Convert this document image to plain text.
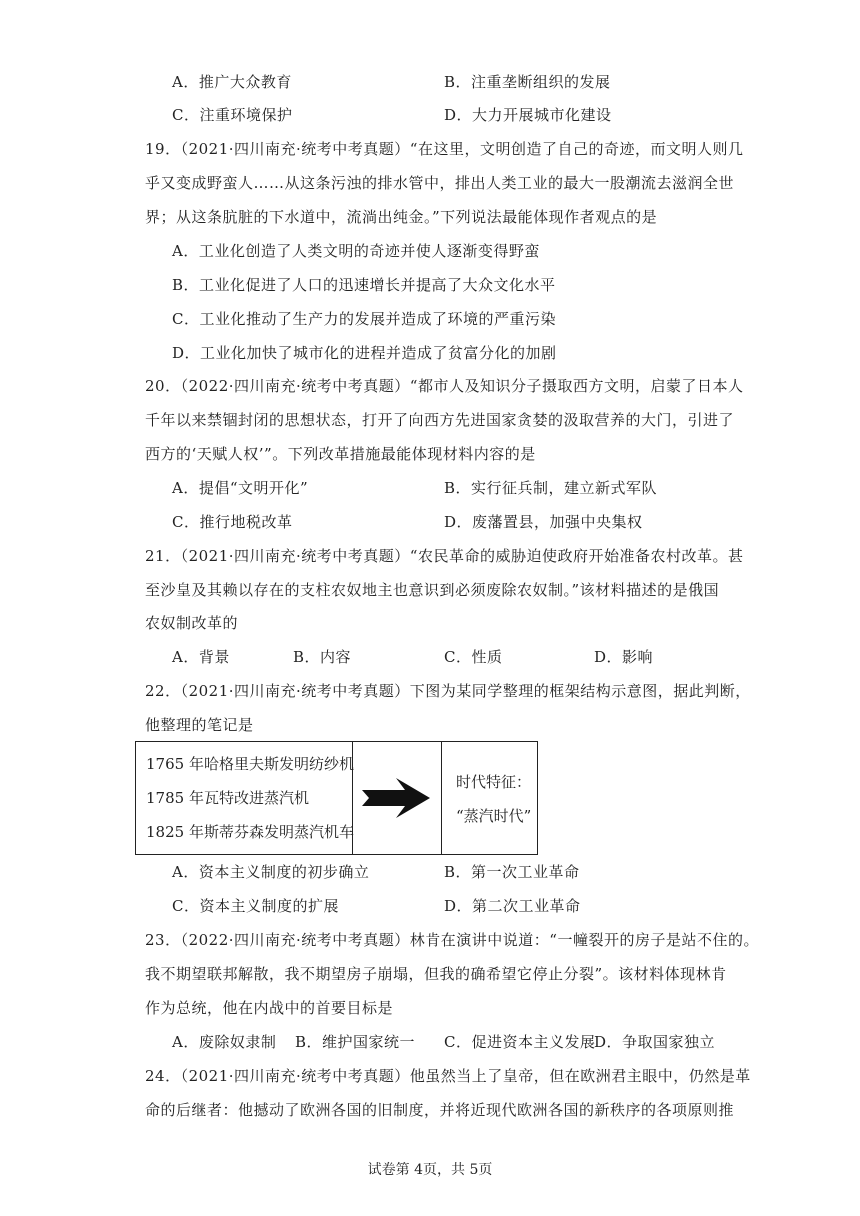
A．推广大众教育	B．注重垄断组织的发展
C．注重环境保护	D．大力开展城市化建设
19．（2021·四川南充·统考中考真题）“在这里，文明创造了自己的奇迹，而文明人则几
乎又变成野蛮人……从这条污浊的排水管中，排出人类工业的最大一股潮流去滋润全世
界；从这条肮脏的下水道中，流淌出纯金。”下列说法最能体现作者观点的是
A．工业化创造了人类文明的奇迹并使人逐渐变得野蛮
B．工业化促进了人口的迅速增长并提高了大众文化水平
C．工业化推动了生产力的发展并造成了环境的严重污染
D．工业化加快了城市化的进程并造成了贫富分化的加剧
20．（2022·四川南充·统考中考真题）“都市人及知识分子摄取西方文明，启蒙了日本人
千年以来禁锢封闭的思想状态，打开了向西方先进国家贪婪的汲取营养的大门，引进了
西方的‘天赋人权’”。下列改革措施最能体现材料内容的是
A．提倡“文明开化”	B．实行征兵制，建立新式军队
C．推行地税改革	D．废藩置县，加强中央集权
21．（2021·四川南充·统考中考真题）“农民革命的威胁迫使政府开始准备农村改革。甚
至沙皇及其赖以存在的支柱农奴地主也意识到必须废除农奴制。”该材料描述的是俄国
农奴制改革的
A．背景	B．内容	C．性质	D．影响
22．（2021·四川南充·统考中考真题）下图为某同学整理的框架结构示意图，据此判断，
他整理的笔记是
1765 年哈格里夫斯发明纺纱机
1785 年瓦特改进蒸汽机
1825 年斯蒂芬森发明蒸汽机车
时代特征：
“蒸汽时代”
A．资本主义制度的初步确立	B．第一次工业革命
C．资本主义制度的扩展	D．第二次工业革命
23．（2022·四川南充·统考中考真题）林肯在演讲中说道：“一幢裂开的房子是站不住的。
我不期望联邦解散，我不期望房子崩塌，但我的确希望它停止分裂”。该材料体现林肯
作为总统，他在内战中的首要目标是
A．废除奴隶制 B．维护国家统一 C．促进资本主义发展
D．争取国家独立
24．（2021·四川南充·统考中考真题）他虽然当上了皇帝，但在欧洲君主眼中，仍然是革
命的后继者：他撼动了欧洲各国的旧制度，并将近现代欧洲各国的新秩序的各项原则推
试卷第 4页，共 5页
